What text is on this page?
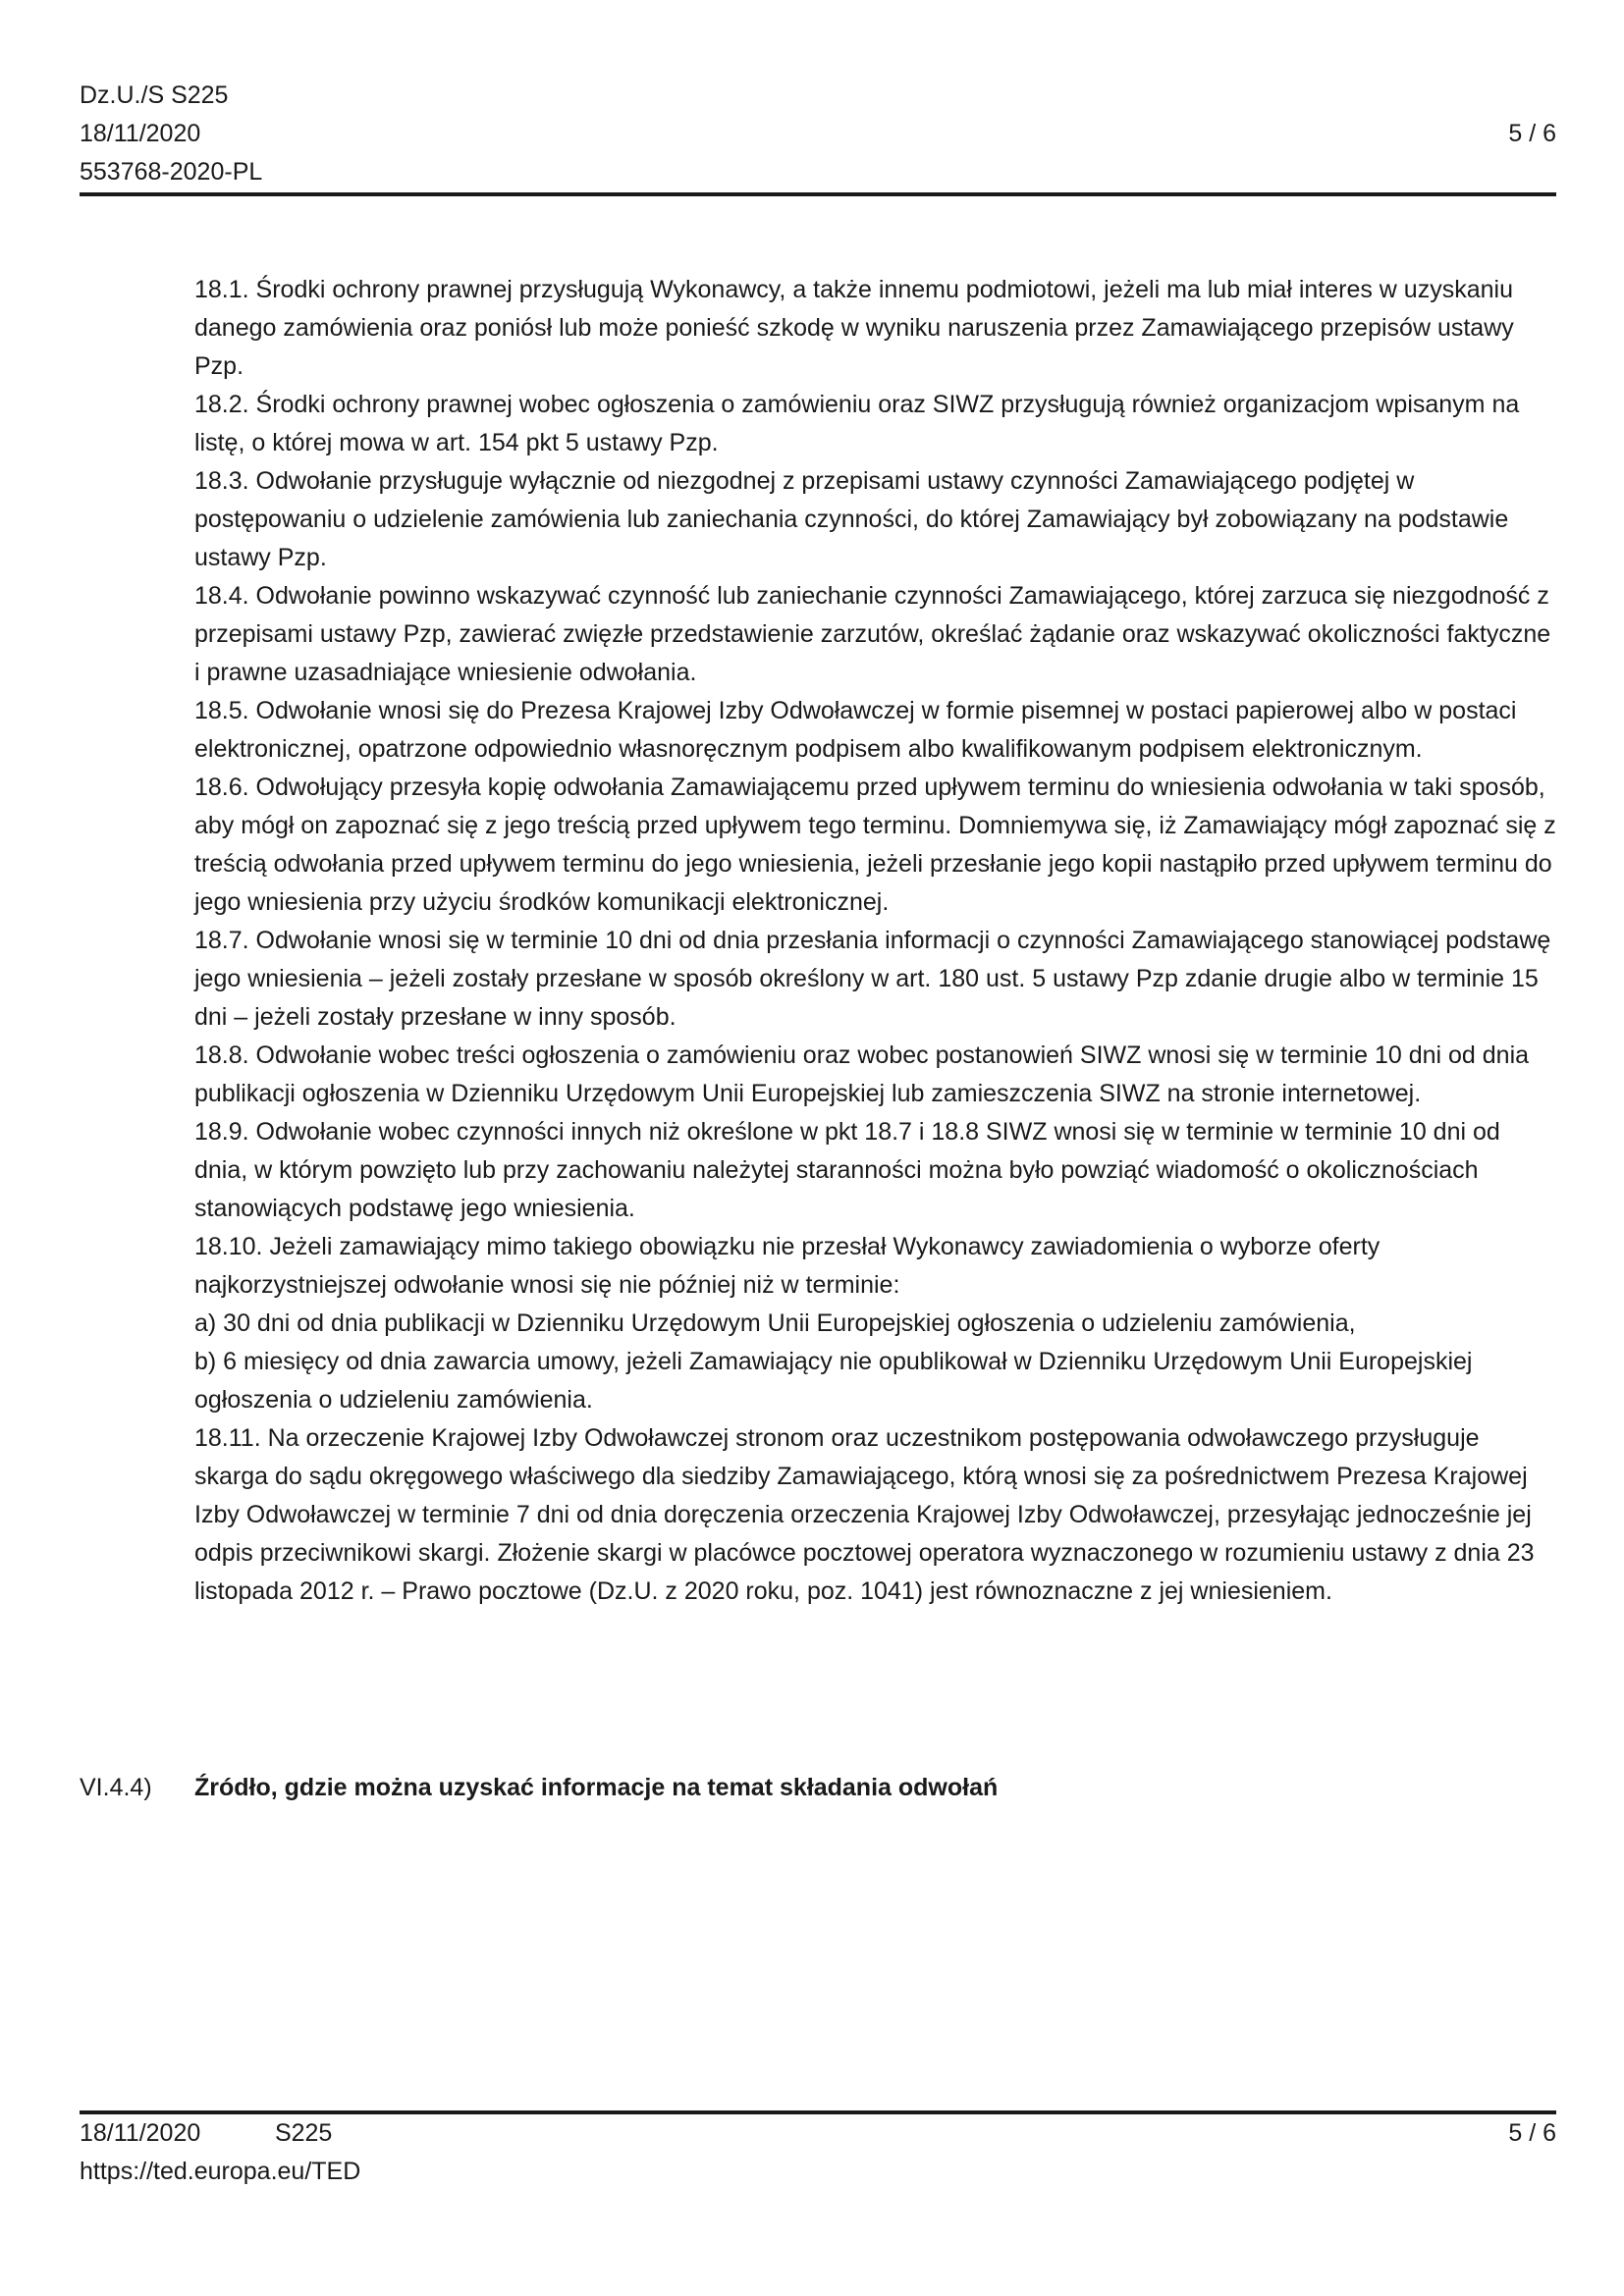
Dz.U./S S225
18/11/2020
553768-2020-PL
5 / 6

18.1. Środki ochrony prawnej przysługują Wykonawcy, a także innemu podmiotowi, jeżeli ma lub miał interes w uzyskaniu danego zamówienia oraz poniósł lub może ponieść szkodę w wyniku naruszenia przez Zamawiającego przepisów ustawy Pzp.

18.2. Środki ochrony prawnej wobec ogłoszenia o zamówieniu oraz SIWZ przysługują również organizacjom wpisanym na listę, o której mowa w art. 154 pkt 5 ustawy Pzp.

18.3. Odwołanie przysługuje wyłącznie od niezgodnej z przepisami ustawy czynności Zamawiającego podjętej w postępowaniu o udzielenie zamówienia lub zaniechania czynności, do której Zamawiający był zobowiązany na podstawie ustawy Pzp.

18.4. Odwołanie powinno wskazywać czynność lub zaniechanie czynności Zamawiającego, której zarzuca się niezgodność z przepisami ustawy Pzp, zawierać zwięzłe przedstawienie zarzutów, określać żądanie oraz wskazywać okoliczności faktyczne i prawne uzasadniające wniesienie odwołania.

18.5. Odwołanie wnosi się do Prezesa Krajowej Izby Odwoławczej w formie pisemnej w postaci papierowej albo w postaci elektronicznej, opatrzone odpowiednio własnoręcznym podpisem albo kwalifikowanym podpisem elektronicznym.

18.6. Odwołujący przesyła kopię odwołania Zamawiającemu przed upływem terminu do wniesienia odwołania w taki sposób, aby mógł on zapoznać się z jego treścią przed upływem tego terminu. Domniemywa się, iż Zamawiający mógł zapoznać się z treścią odwołania przed upływem terminu do jego wniesienia, jeżeli przesłanie jego kopii nastąpiło przed upływem terminu do jego wniesienia przy użyciu środków komunikacji elektronicznej.

18.7. Odwołanie wnosi się w terminie 10 dni od dnia przesłania informacji o czynności Zamawiającego stanowiącej podstawę jego wniesienia – jeżeli zostały przesłane w sposób określony w art. 180 ust. 5 ustawy Pzp zdanie drugie albo w terminie 15 dni – jeżeli zostały przesłane w inny sposób.

18.8. Odwołanie wobec treści ogłoszenia o zamówieniu oraz wobec postanowień SIWZ wnosi się w terminie 10 dni od dnia publikacji ogłoszenia w Dzienniku Urzędowym Unii Europejskiej lub zamieszczenia SIWZ na stronie internetowej.

18.9. Odwołanie wobec czynności innych niż określone w pkt 18.7 i 18.8 SIWZ wnosi się w terminie w terminie 10 dni od dnia, w którym powzięto lub przy zachowaniu należytej staranności można było powziąć wiadomość o okolicznościach stanowiących podstawę jego wniesienia.

18.10. Jeżeli zamawiający mimo takiego obowiązku nie przesłał Wykonawcy zawiadomienia o wyborze oferty najkorzystniejszej odwołanie wnosi się nie później niż w terminie:

a) 30 dni od dnia publikacji w Dzienniku Urzędowym Unii Europejskiej ogłoszenia o udzieleniu zamówienia,

b) 6 miesięcy od dnia zawarcia umowy, jeżeli Zamawiający nie opublikował w Dzienniku Urzędowym Unii Europejskiej ogłoszenia o udzieleniu zamówienia.

18.11. Na orzeczenie Krajowej Izby Odwoławczej stronom oraz uczestnikom postępowania odwoławczego przysługuje skarga do sądu okręgowego właściwego dla siedziby Zamawiającego, którą wnosi się za pośrednictwem Prezesa Krajowej Izby Odwoławczej w terminie 7 dni od dnia doręczenia orzeczenia Krajowej Izby Odwoławczej, przesyłając jednocześnie jej odpis przeciwnikowi skargi. Złożenie skargi w placówce pocztowej operatora wyznaczonego w rozumieniu ustawy z dnia 23 listopada 2012 r. – Prawo pocztowe (Dz.U. z 2020 roku, poz. 1041) jest równoznaczne z jej wniesieniem.

VI.4.4) Źródło, gdzie można uzyskać informacje na temat składania odwołań
18/11/2020	S225
https://ted.europa.eu/TED
5 / 6
